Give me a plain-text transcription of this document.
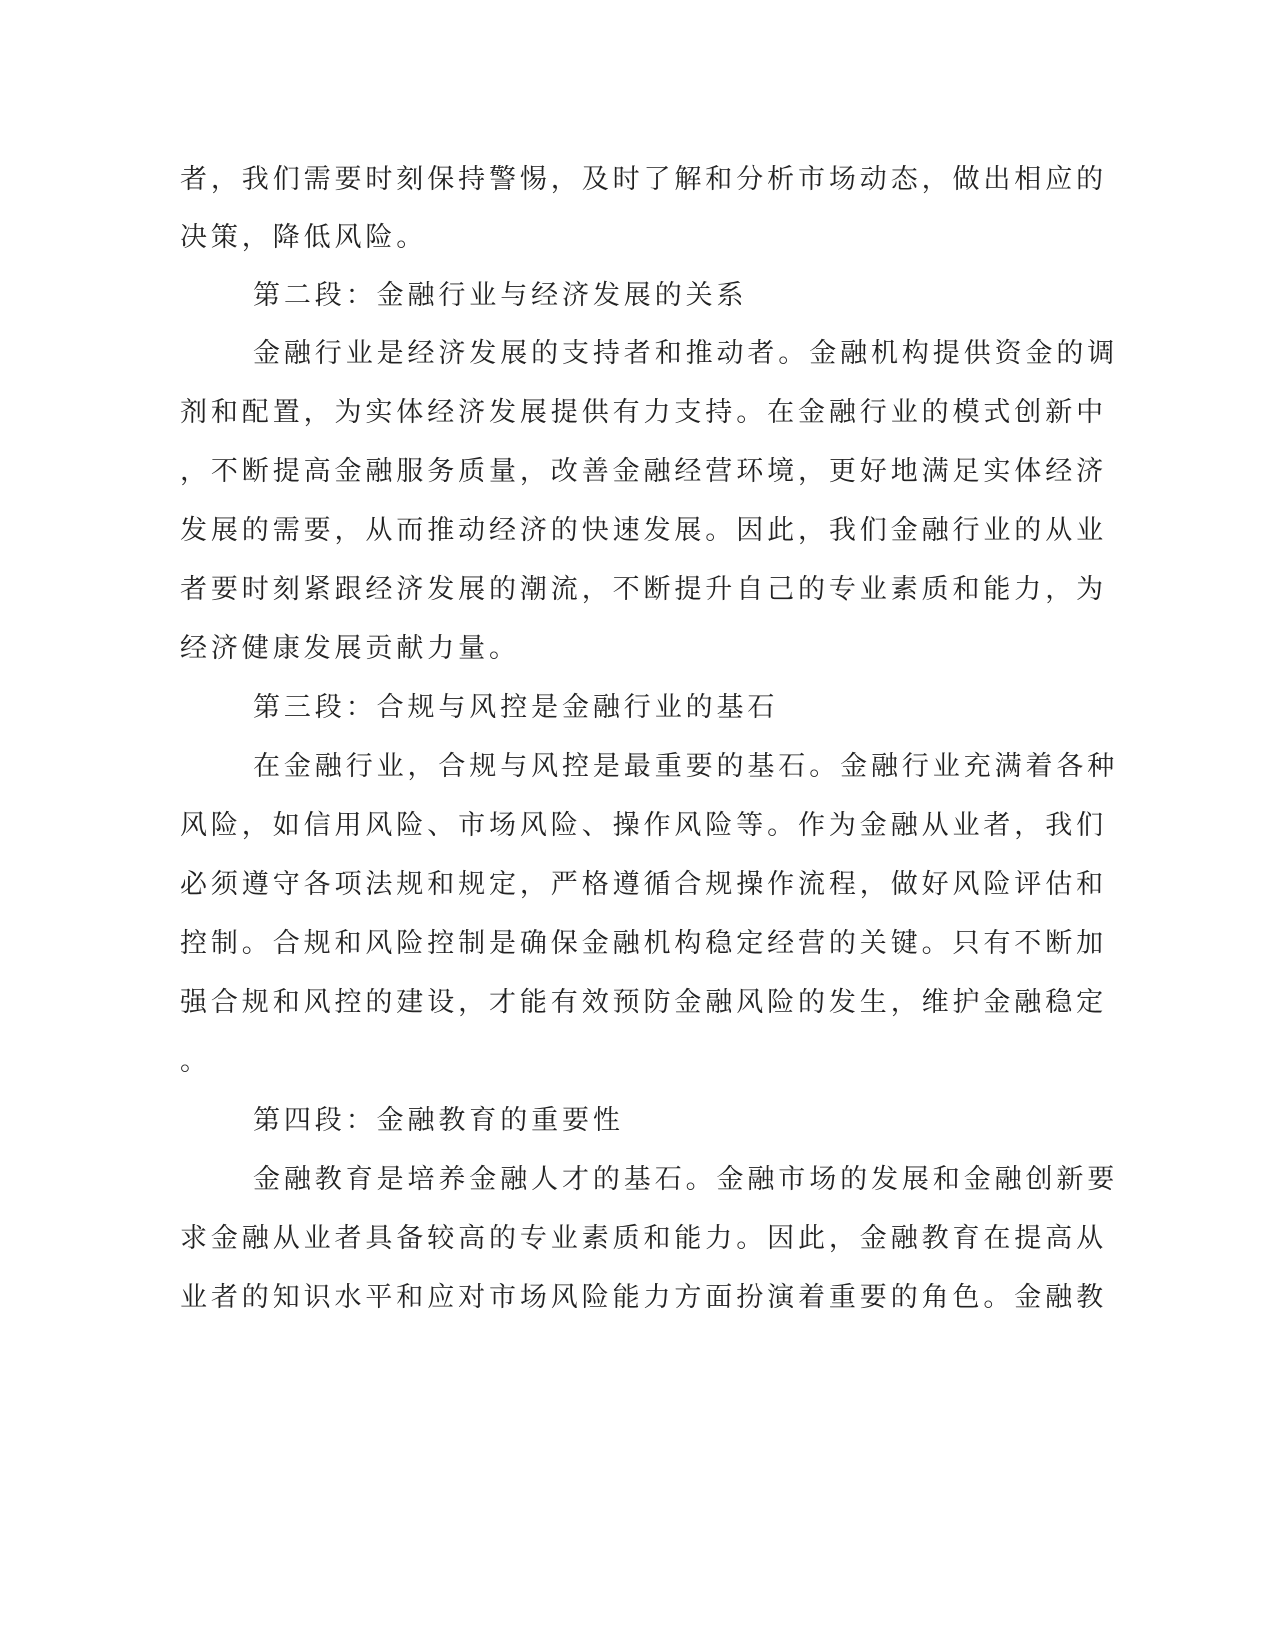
者，我们需要时刻保持警惕，及时了解和分析市场动态，做出相应的
决策，降低风险。
第二段：金融行业与经济发展的关系
金融行业是经济发展的支持者和推动者。金融机构提供资金的调
剂和配置，为实体经济发展提供有力支持。在金融行业的模式创新中
，不断提高金融服务质量，改善金融经营环境，更好地满足实体经济
发展的需要，从而推动经济的快速发展。因此，我们金融行业的从业
者要时刻紧跟经济发展的潮流，不断提升自己的专业素质和能力，为
经济健康发展贡献力量。
第三段：合规与风控是金融行业的基石
在金融行业，合规与风控是最重要的基石。金融行业充满着各种
风险，如信用风险、市场风险、操作风险等。作为金融从业者，我们
必须遵守各项法规和规定，严格遵循合规操作流程，做好风险评估和
控制。合规和风险控制是确保金融机构稳定经营的关键。只有不断加
强合规和风控的建设，才能有效预防金融风险的发生，维护金融稳定
。
第四段：金融教育的重要性
金融教育是培养金融人才的基石。金融市场的发展和金融创新要
求金融从业者具备较高的专业素质和能力。因此，金融教育在提高从
业者的知识水平和应对市场风险能力方面扮演着重要的角色。金融教
